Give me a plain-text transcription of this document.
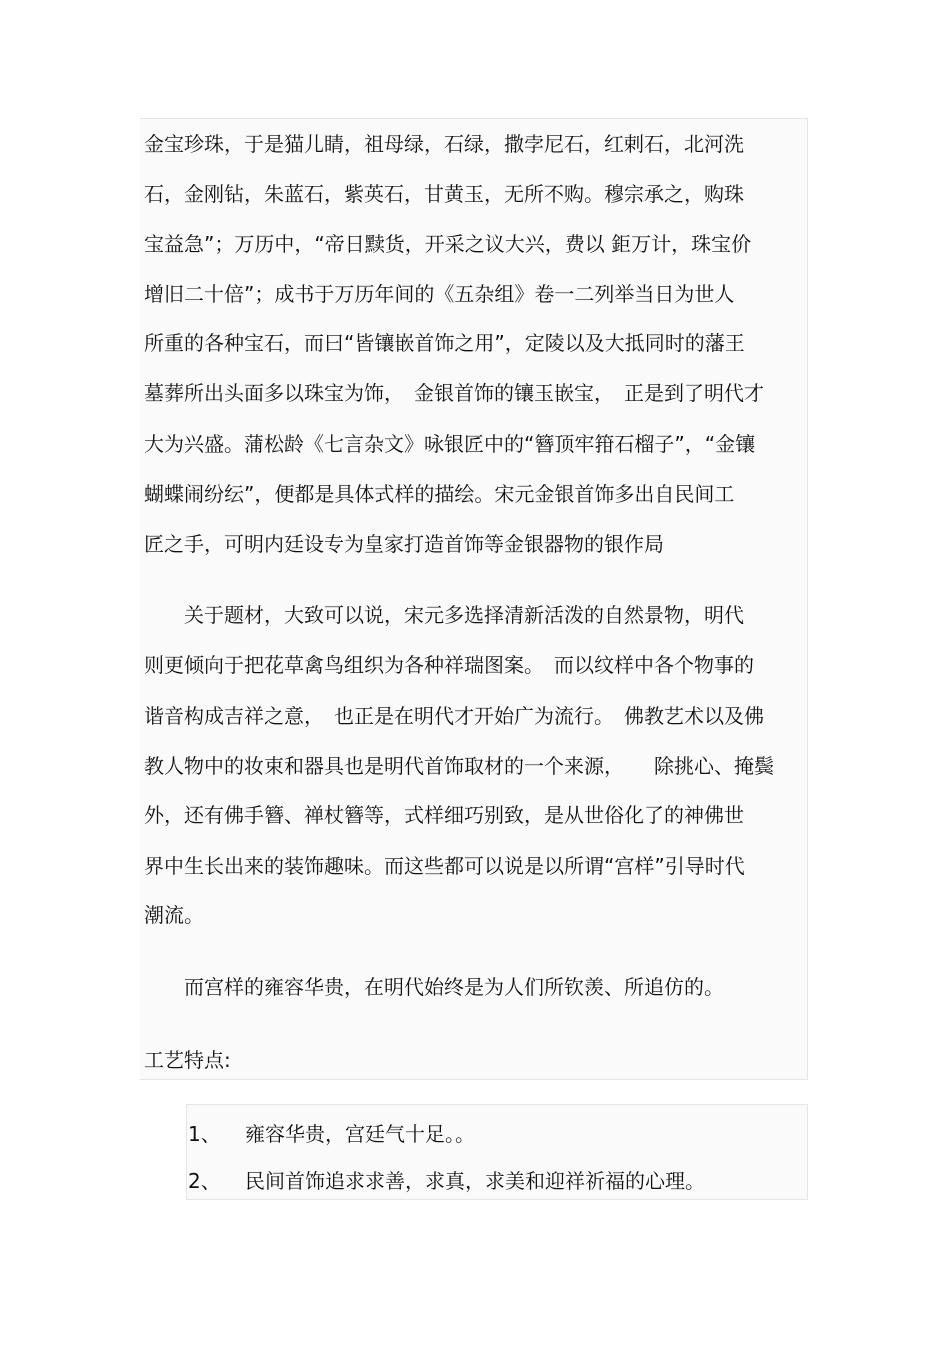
金宝珍珠，于是猫儿睛，祖母绿，石绿，撒孛尼石，红剌石，北河洗
石，金刚钻，朱蓝石，紫英石，甘黄玉，无所不购。穆宗承之，购珠
宝益急”；万历中，“帝日黩货，开采之议大兴，费以 鉅万计，珠宝价
增旧二十倍”；成书于万历年间的《五杂组》卷一二列举当日为世人
所重的各种宝石，而曰“皆镶嵌首饰之用”，定陵以及大抵同时的藩王
墓葬所出头面多以珠宝为饰，　金银首饰的镶玉嵌宝，　正是到了明代才
大为兴盛。蒲松龄《七言杂文》咏银匠中的“簪顶牢箝石榴子”，“金镶
蝴蝶闹纷纭”，便都是具体式样的描绘。宋元金银首饰多出自民间工
匠之手，可明内廷设专为皇家打造首饰等金银器物的银作局
　　关于题材，大致可以说，宋元多选择清新活泼的自然景物，明代
则更倾向于把花草禽鸟组织为各种祥瑞图案。　而以纹样中各个物事的
谐音构成吉祥之意，　也正是在明代才开始广为流行。　佛教艺术以及佛
教人物中的妆束和器具也是明代首饰取材的一个来源，　　除挑心、掩鬓
外，还有佛手簪、禅杖簪等，式样细巧别致，是从世俗化了的神佛世
界中生长出来的装饰趣味。而这些都可以说是以所谓“宫样”引导时代
潮流。
　　而宫样的雍容华贵，在明代始终是为人们所钦羡、所追仿的。
工艺特点:
1、 雍容华贵，宫廷气十足。。
2、 民间首饰追求求善，求真，求美和迎祥祈福的心理。
